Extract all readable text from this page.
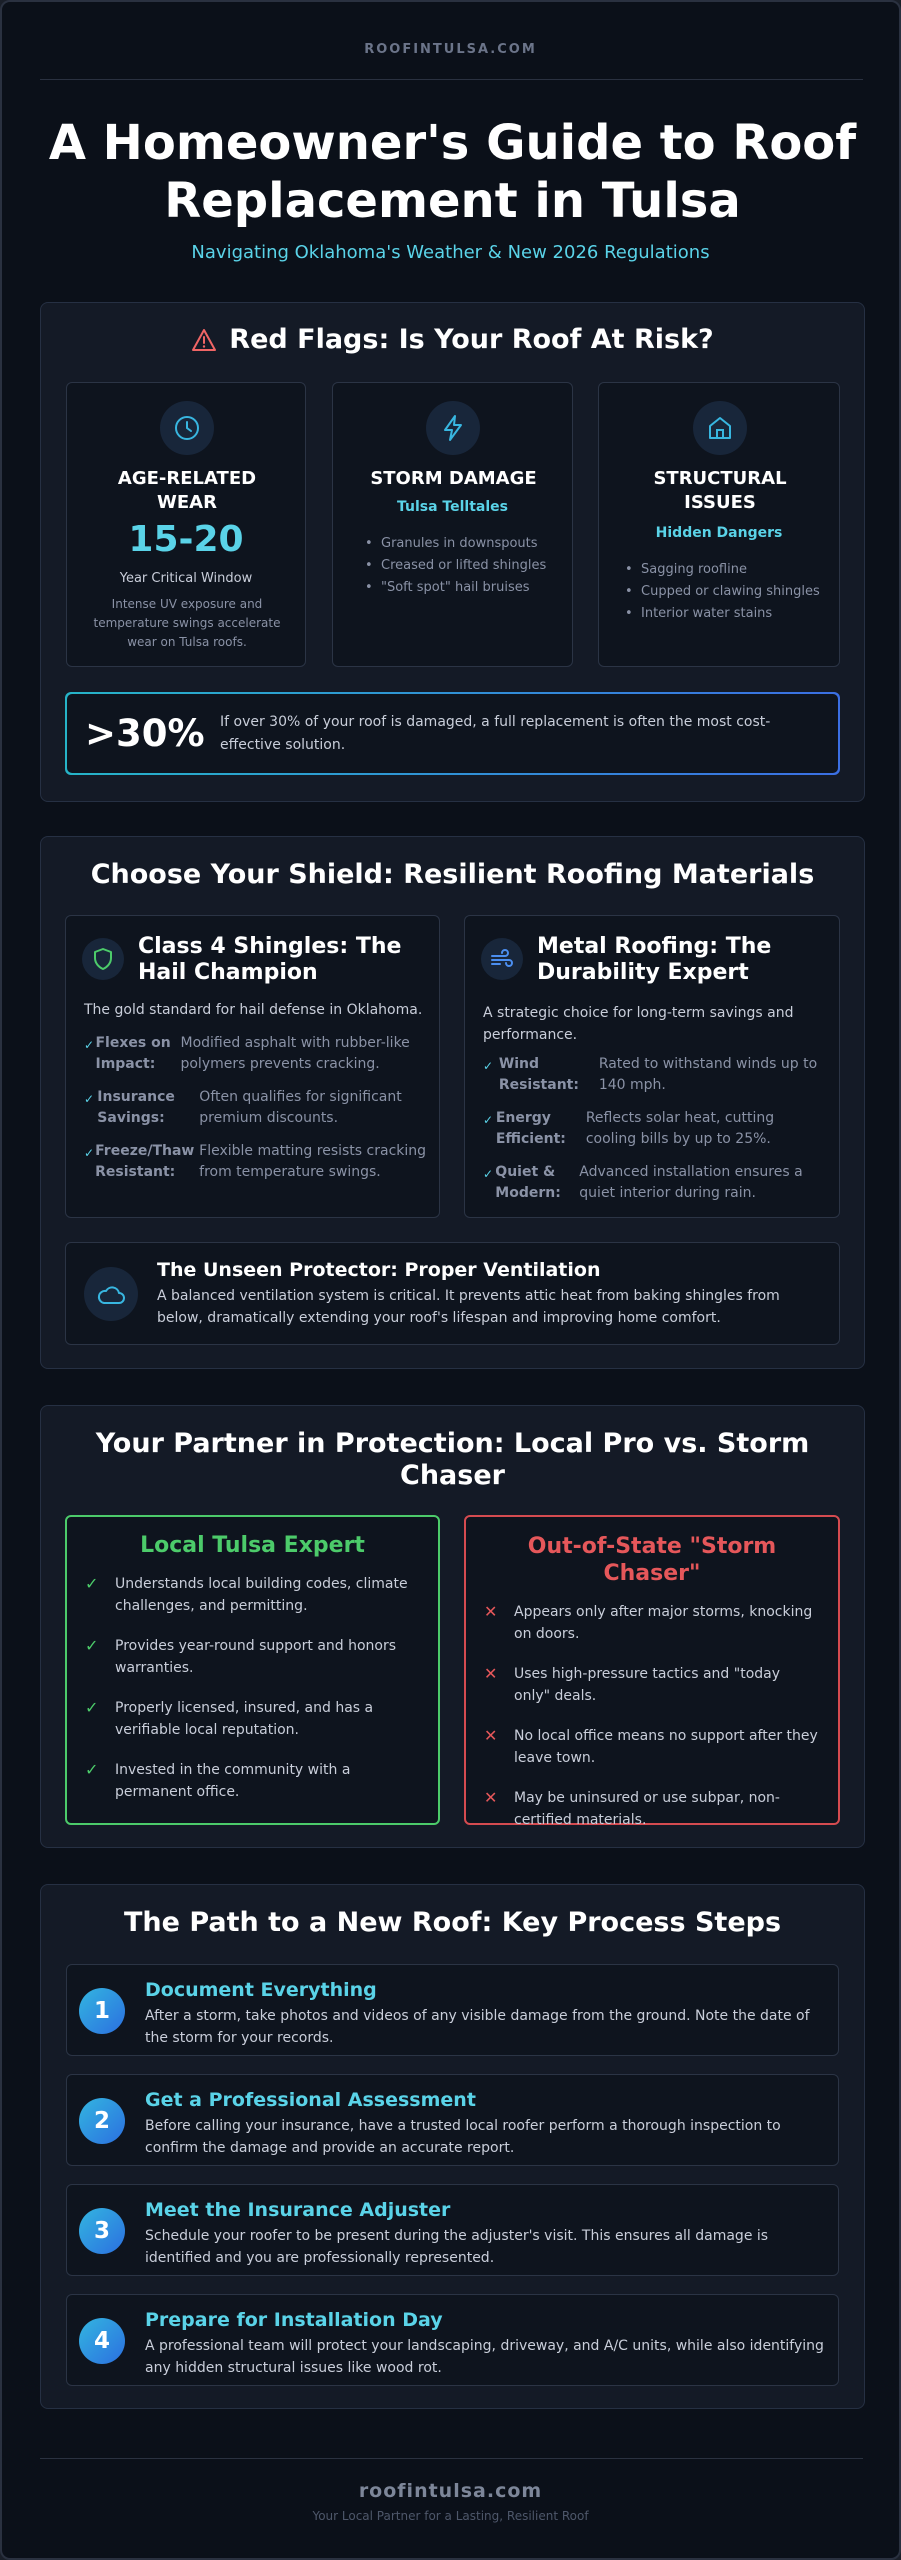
ROOFINTULSA.COM
A Homeowner's Guide to Roof Replacement in Tulsa
Navigating Oklahoma's Weather & New 2026 Regulations
Red Flags: Is Your Roof At Risk?
AGE-RELATED WEAR
15-20
Year Critical Window
Intense UV exposure and temperature swings accelerate wear on Tulsa roofs.
STORM DAMAGE
Tulsa Telltales
• Granules in downspouts
• Creased or lifted shingles
• "Soft spot" hail bruises
STRUCTURAL ISSUES
Hidden Dangers
• Sagging roofline
• Cupped or clawing shingles
• Interior water stains
>30% If over 30% of your roof is damaged, a full replacement is often the most cost-effective solution.
Choose Your Shield: Resilient Roofing Materials
Class 4 Shingles: The Hail Champion
The gold standard for hail defense in Oklahoma.
✓ Flexes on Impact:
Modified asphalt with rubber-like polymers prevents cracking.
✓ Insurance Savings:
Often qualifies for significant premium discounts.
✓ Freeze/Thaw Resistant:
Flexible matting resists cracking from temperature swings.
Metal Roofing: The Durability Expert
A strategic choice for long-term savings and performance.
✓ Wind Resistant:
Rated to withstand winds up to 140 mph.
✓ Energy Efficient:
Reflects solar heat, cutting cooling bills by up to 25%.
✓ Quiet & Modern:
Advanced installation ensures a quiet interior during rain.
The Unseen Protector: Proper Ventilation
A balanced ventilation system is critical. It prevents attic heat from baking shingles from below, dramatically extending your roof's lifespan and improving home comfort.
Your Partner in Protection: Local Pro vs. Storm Chaser
Local Tulsa Expert
✓	Understands local building codes, climate challenges, and permitting.
✓	Provides year-round support and honors warranties.
✓	Properly licensed, insured, and has a verifiable local reputation.
✓	Invested in the community with a permanent office.
Out-of-State "Storm Chaser"
✕	Appears only after major storms, knocking on doors.
✕	Uses high-pressure tactics and "today only" deals.
✕	No local office means no support after they leave town.
✕	May be uninsured or use subpar, non-certified materials.
The Path to a New Roof: Key Process Steps
1
Document Everything
After a storm, take photos and videos of any visible damage from the ground. Note the date of the storm for your records.
2
Get a Professional Assessment
Before calling your insurance, have a trusted local roofer perform a thorough inspection to confirm the damage and provide an accurate report.
3
Meet the Insurance Adjuster
Schedule your roofer to be present during the adjuster's visit. This ensures all damage is identified and you are professionally represented.
4
Prepare for Installation Day
A professional team will protect your landscaping, driveway, and A/C units, while also identifying any hidden structural issues like wood rot.
roofintulsa.com
Your Local Partner for a Lasting, Resilient Roof
